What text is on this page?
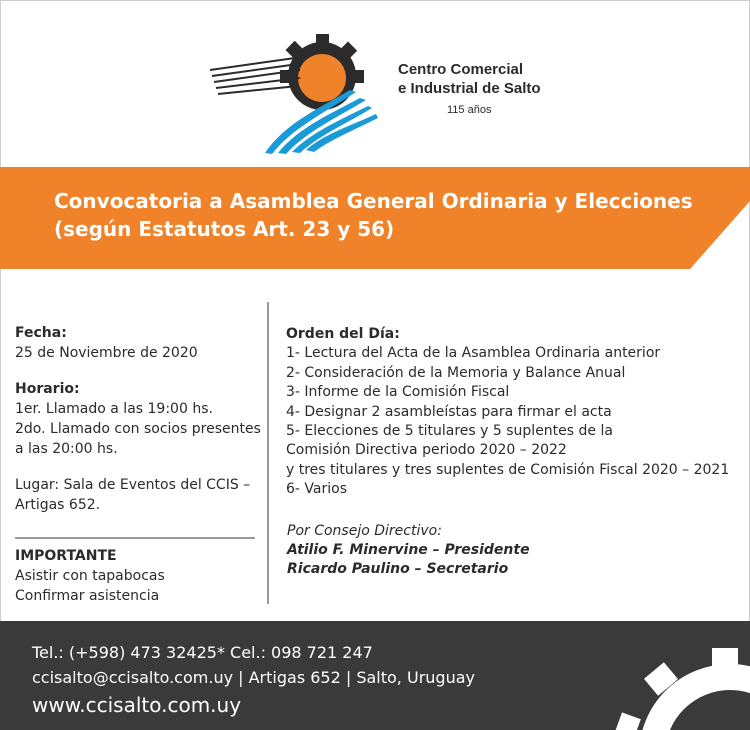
Centro Comercial
e Industrial de Salto
115 años
Convocatoria a Asamblea General Ordinaria y Elecciones
(según Estatutos Art. 23 y 56)
Fecha:
25 de Noviembre de 2020
Horario:
1er. Llamado a las 19:00 hs.
2do. Llamado con socios presentes
a las 20:00 hs.
Lugar: Sala de Eventos del CCIS –
Artigas 652.
IMPORTANTE
Asistir con tapabocas
Confirmar asistencia
Orden del Día:
1- Lectura del Acta de la Asamblea Ordinaria anterior
2- Consideración de la Memoria y Balance Anual
3- Informe de la Comisión Fiscal
4- Designar 2 asambleístas para firmar el acta
5- Elecciones de 5 titulares y 5 suplentes de la
Comisión Directiva periodo 2020 – 2022
y tres titulares y tres suplentes de Comisión Fiscal 2020 – 2021
6- Varios
Por Consejo Directivo:
Atilio F. Minervine – Presidente
Ricardo Paulino – Secretario
Tel.: (+598) 473 32425* Cel.: 098 721 247
ccisalto@ccisalto.com.uy | Artigas 652 | Salto, Uruguay
www.ccisalto.com.uy
